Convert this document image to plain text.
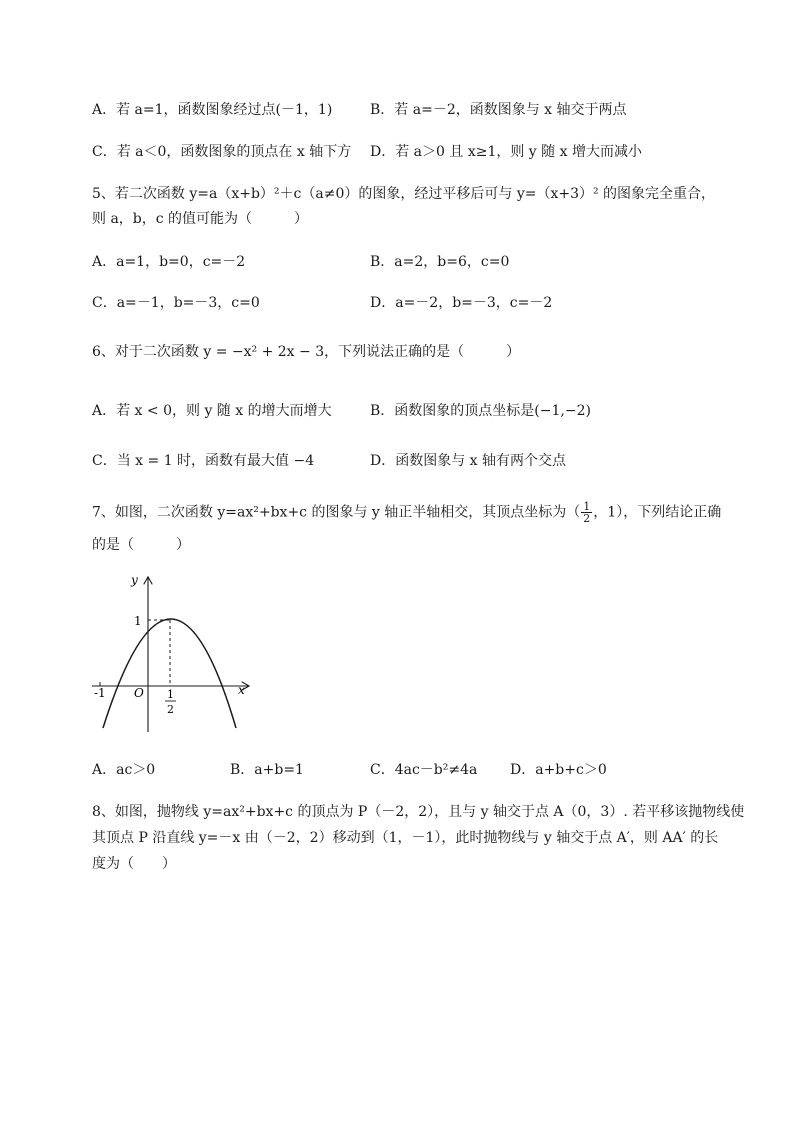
A．若 a=1，函数图象经过点(－1，1)	B．若 a=－2，函数图象与 x 轴交于两点
C．若 a＜0，函数图象的顶点在 x 轴下方 D．若 a＞0 且 x≥1，则 y 随 x 增大而减小
5、若二次函数 y=a（x+b）²＋c（a≠0）的图象，经过平移后可与 y=（x+3）² 的图象完全重合，
则 a，b，c 的值可能为（　　　）
A．a=1，b=0，c=－2	B．a=2，b=6，c=0
C．a=－1，b=－3，c=0	D．a=－2，b=－3，c=－2
6、对于二次函数 y = −x² + 2x − 3，下列说法正确的是（　　　）
A．若 x < 0，则 y 随 x 的增大而增大	B．函数图象的顶点坐标是(−1,−2)
C．当 x = 1 时，函数有最大值 −4	D．函数图象与 x 轴有两个交点
7、如图，二次函数 y=ax²+bx+c 的图象与 y 轴正半轴相交，其顶点坐标为（ $\frac{1}{2}$ ，1），下列结论正确
的是（　　　）
y
x
1
O
-1	1
2
A．ac＞0	B．a+b=1	C．4ac－b²≠4a D．a+b+c＞0
8、如图，抛物线 y=ax²+bx+c 的顶点为 P（－2，2），且与 y 轴交于点 A（0，3）. 若平移该抛物线使
其顶点 P 沿直线 y=－x 由（－2，2）移动到（1，－1），此时抛物线与 y 轴交于点 A′，则 AA′ 的长
度为（　　）
